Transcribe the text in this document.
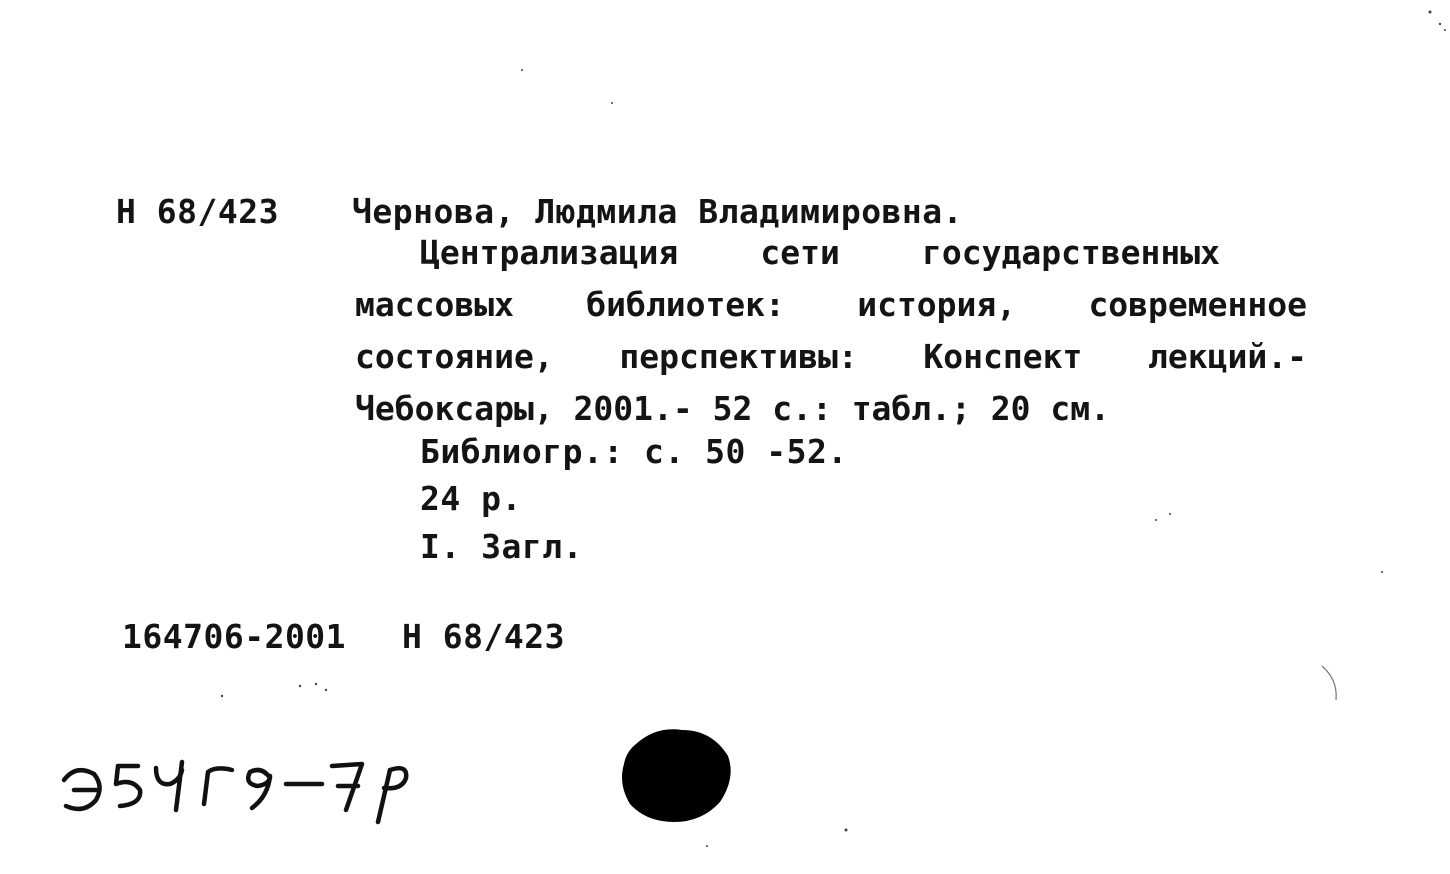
Н 68/423 Чернова, Людмила Владимировна.
Централизация сети государственных
массовых библиотек: история, современное
состояние, перспективы: Конспект лекций.-
Чебоксары, 2001.- 52 с.: табл.; 20 см.
Библиогр.: с. 50 -52.
24 р.
I. Загл.
164706-2001 Н 68/423
